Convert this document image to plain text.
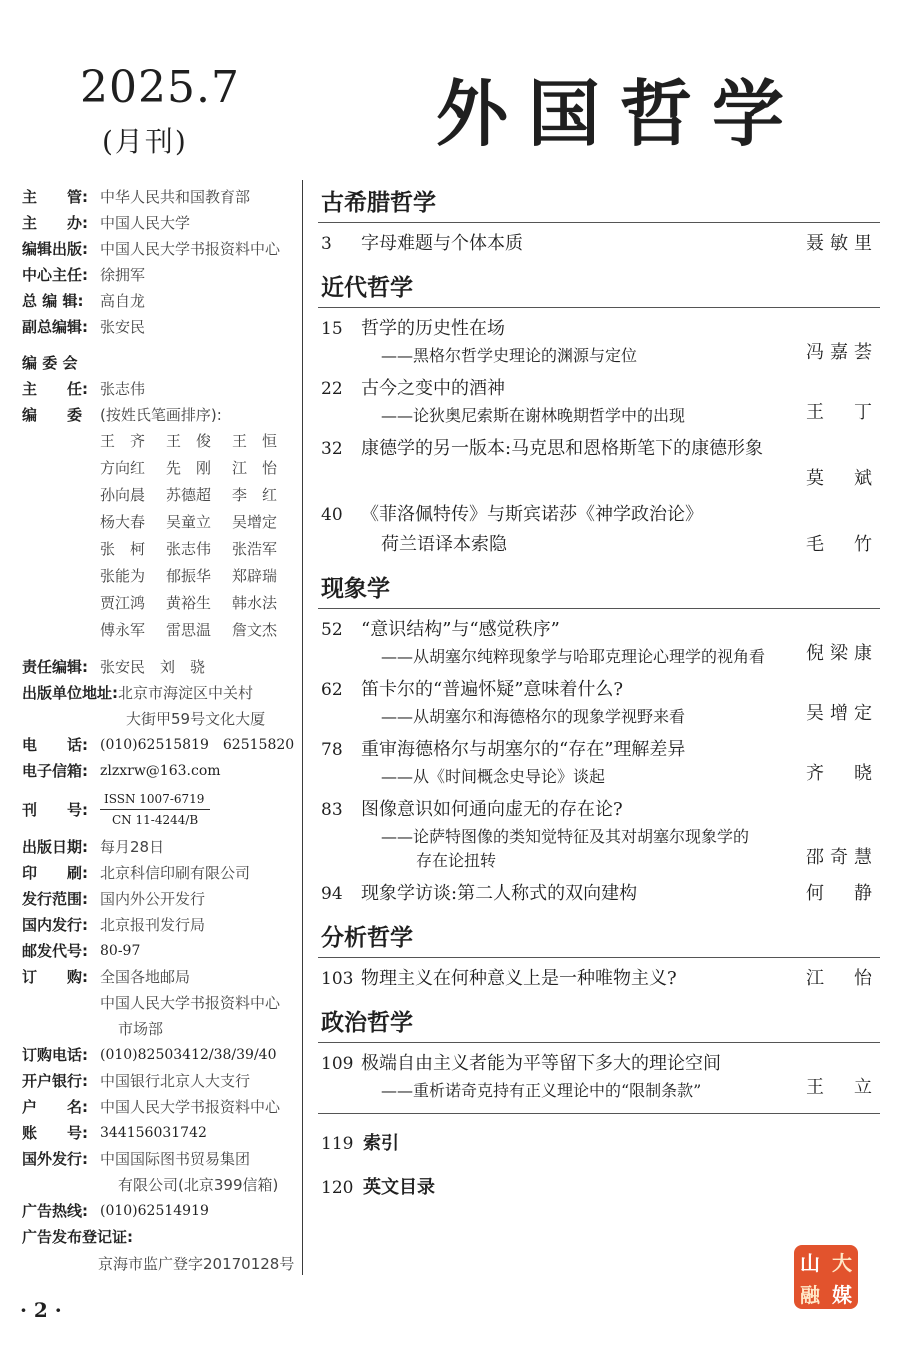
2025.7
(月刊)	外国哲学
主　　管: 中华人民共和国教育部
主　　办: 中国人民大学
编辑出版: 中国人民大学书报资料中心
中心主任: 徐拥军
总 编 辑:	高自龙
副总编辑: 张安民
编 委 会
主　　任: 张志伟
编　　委	(按姓氏笔画排序):
王　齐	王　俊	王　恒
方向红	先　刚	江　怡
孙向晨	苏德超	李　红
杨大春	吴童立	吴增定
张　柯	张志伟	张浩军
张能为	郁振华	郑辟瑞
贾江鸿	黄裕生	韩水法
傅永军	雷思温	詹文杰
责任编辑: 张安民　刘　骁
出版单位地址: 北京市海淀区中关村
大街甲59号文化大厦
电　　话: (010)62515819　62515820
电子信箱: zlzxrw@163.com
刊　　号:
ISSN 1007-6719
CN 11-4244/B
出版日期: 每月28日
印　　刷: 北京科信印刷有限公司
发行范围: 国内外公开发行
国内发行: 北京报刊发行局
邮发代号: 80-97
订　　购: 全国各地邮局
中国人民大学书报资料中心
市场部
订购电话: (010)82503412/38/39/40
开户银行: 中国银行北京人大支行
户　　名: 中国人民大学书报资料中心
账　　号: 344156031742
国外发行: 中国国际图书贸易集团
有限公司(北京399信箱)
广告热线: (010)62514919
广告发布登记证:
京海市监广登字20170128号
· 2 ·
古希腊哲学
3	字母难题与个体本质	聂敏里
近代哲学
15	哲学的历史性在场
——黑格尔哲学史理论的渊源与定位	冯嘉荟
22	古今之变中的酒神
——论狄奥尼索斯在谢林晚期哲学中的出现	王　丁
32	康德学的另一版本:马克思和恩格斯笔下的康德形象

莫　斌
40	《菲洛佩特传》与斯宾诺莎《神学政治论》
荷兰语译本索隐	毛　竹
现象学
52	“意识结构”与“感觉秩序”
——从胡塞尔纯粹现象学与哈耶克理论心理学的视角看	倪梁康
62	笛卡尔的“普遍怀疑”意味着什么?
——从胡塞尔和海德格尔的现象学视野来看	吴增定
78	重审海德格尔与胡塞尔的“存在”理解差异
——从《时间概念史导论》谈起	齐　晓
83	图像意识如何通向虚无的存在论?
——论萨特图像的类知觉特征及其对胡塞尔现象学的
存在论扭转	邵奇慧
94	现象学访谈:第二人称式的双向建构	何　静
分析哲学
103 物理主义在何种意义上是一种唯物主义?	江　怡
政治哲学
109 极端自由主义者能为平等留下多大的理论空间
——重析诺奇克持有正义理论中的“限制条款”	王　立
119 索引
120 英文目录
山 大
融 媒
